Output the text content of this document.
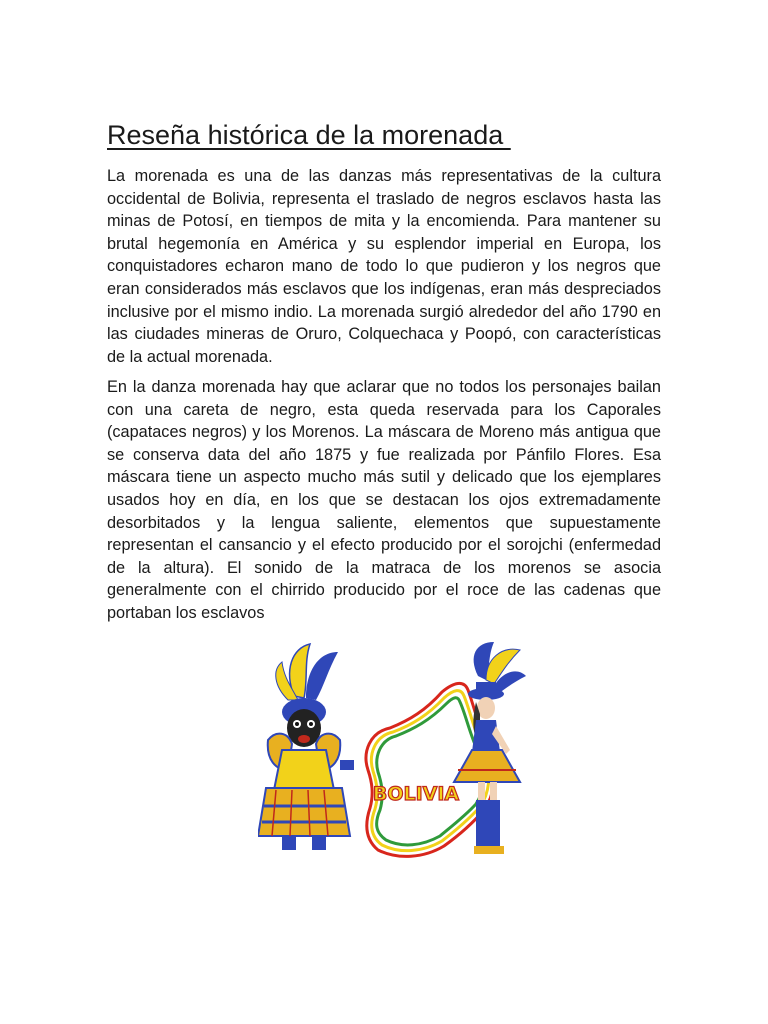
Reseña histórica de la morenada

La morenada es una de las danzas más representativas de la cultura occidental de Bolivia, representa el traslado de negros esclavos hasta las minas de Potosí, en tiempos de mita y la encomienda. Para mantener su brutal hegemonía en América y su esplendor imperial en Europa, los conquistadores echaron mano de todo lo que pudieron y los negros que eran considerados más esclavos que los indígenas, eran más despreciados inclusive por el mismo indio. La morenada surgió alrededor del año 1790 en las ciudades mineras de Oruro, Colquechaca y Poopó, con características de la actual morenada.

En la danza morenada hay que aclarar que no todos los personajes bailan con una careta de negro, esta queda reservada para los Caporales (capataces negros) y los Morenos. La máscara de Moreno más antigua que se conserva data del año 1875 y fue realizada por Pánfilo Flores. Esa máscara tiene un aspecto mucho más sutil y delicado que los ejemplares usados hoy en día, en los que se destacan los ojos extremadamente desorbitados y la lengua saliente, elementos que supuestamente representan el cansancio y el efecto producido por el sorojchi (enfermedad de la altura). El sonido de la matraca de los morenos se asocia generalmente con el chirrido producido por el roce de las cadenas que portaban los esclavos

BOLIVIA
